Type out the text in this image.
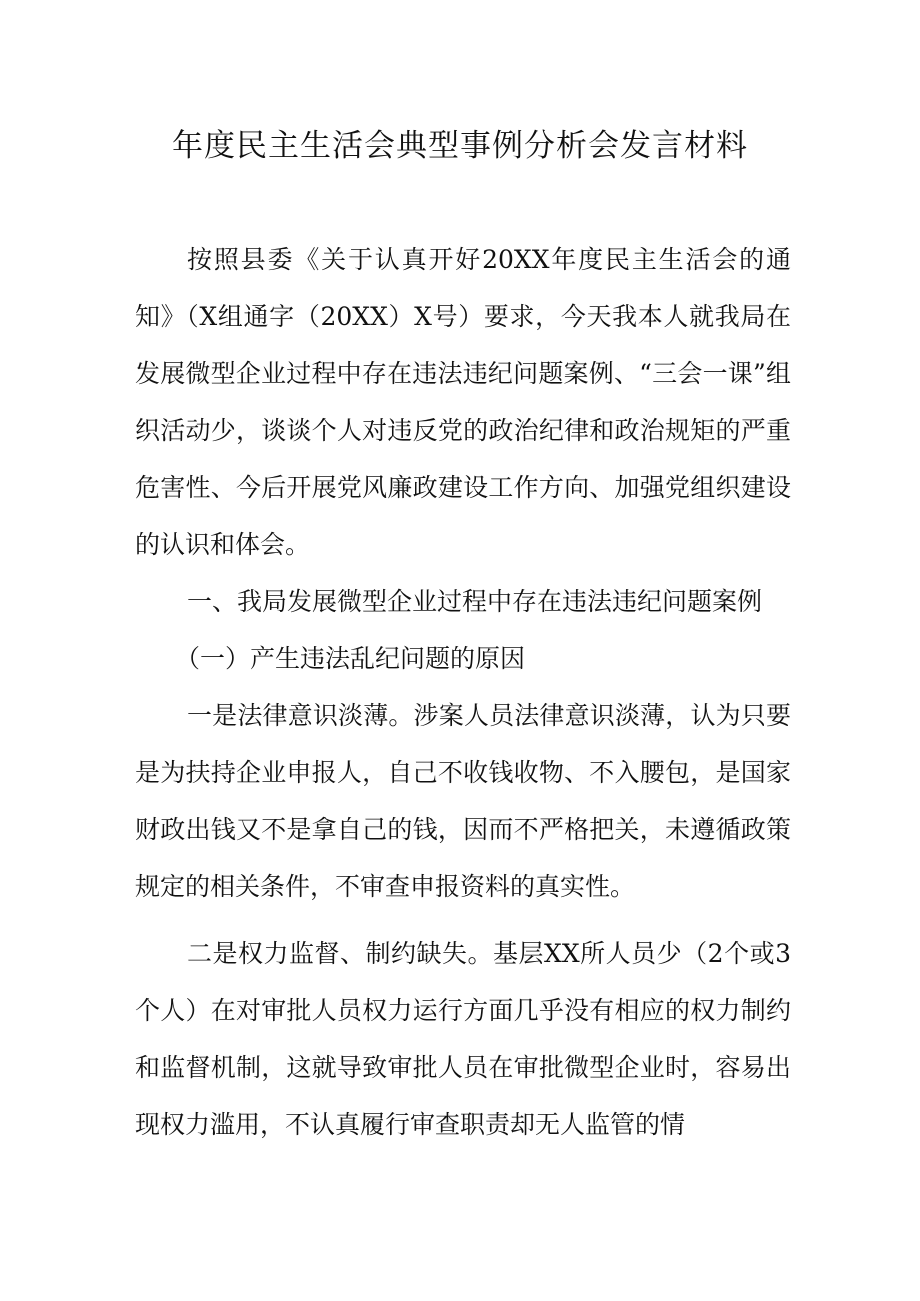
年度民主生活会典型事例分析会发言材料

按照县委《关于认真开好20XX年度民主生活会的通知》（X组通字（20XX）X号）要求，今天我本人就我局在发展微型企业过程中存在违法违纪问题案例、“三会一课”组织活动少，谈谈个人对违反党的政治纪律和政治规矩的严重危害性、今后开展党风廉政建设工作方向、加强党组织建设的认识和体会。

一、我局发展微型企业过程中存在违法违纪问题案例

（一）产生违法乱纪问题的原因

一是法律意识淡薄。涉案人员法律意识淡薄，认为只要是为扶持企业申报人，自己不收钱收物、不入腰包，是国家财政出钱又不是拿自己的钱，因而不严格把关，未遵循政策规定的相关条件，不审查申报资料的真实性。

二是权力监督、制约缺失。基层XX所人员少（2个或3个人）在对审批人员权力运行方面几乎没有相应的权力制约和监督机制，这就导致审批人员在审批微型企业时，容易出现权力滥用，不认真履行审查职责却无人监管的情
